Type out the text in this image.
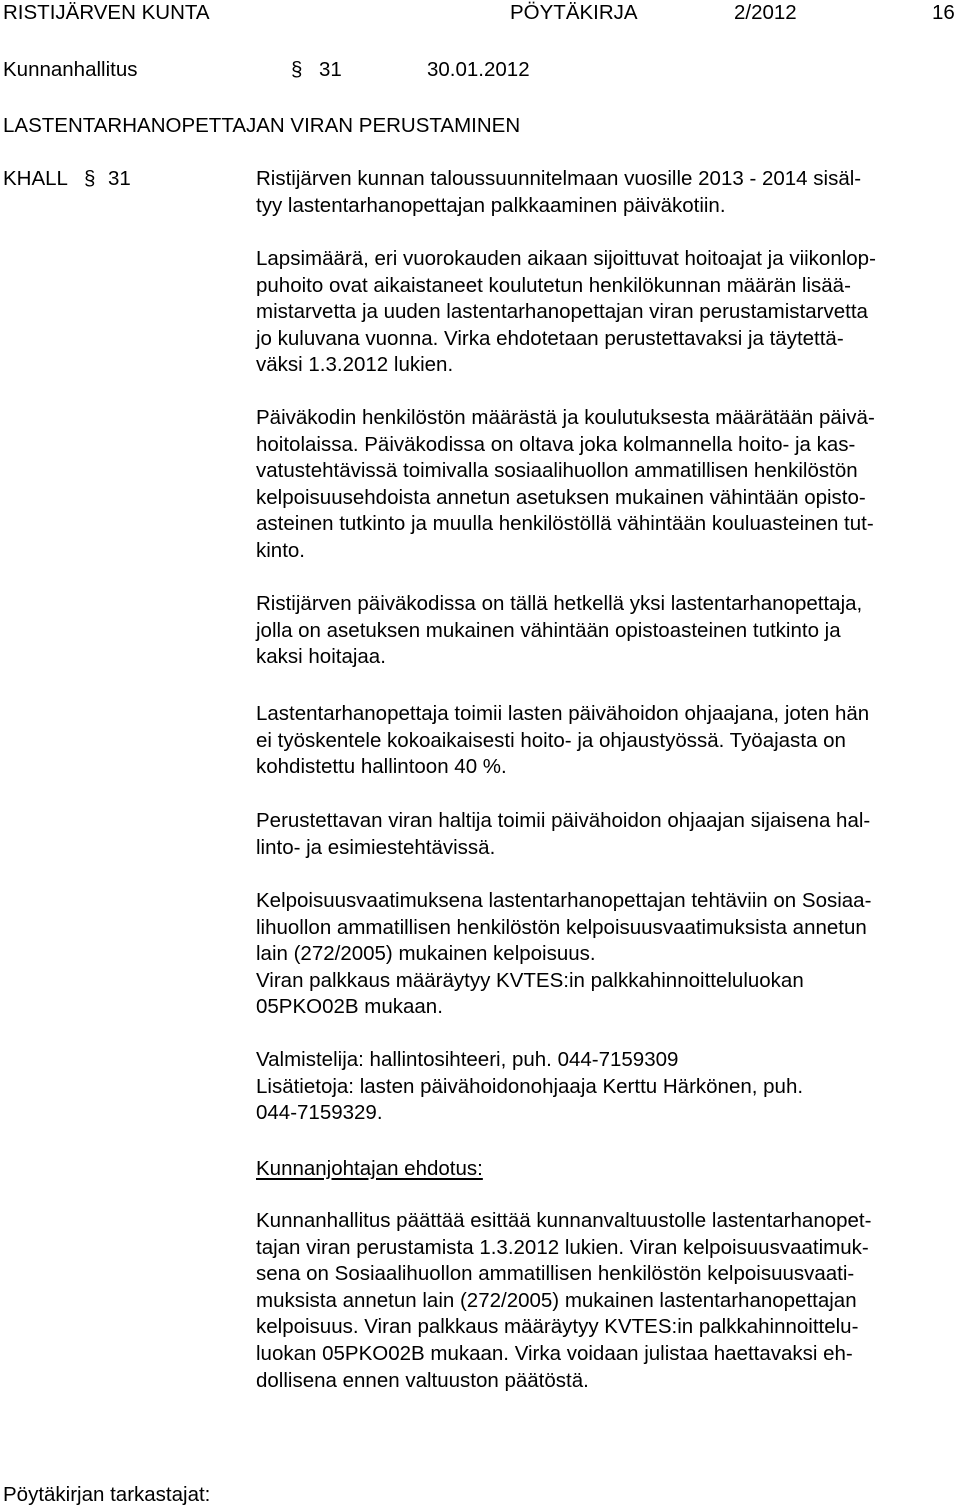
RISTIJÄRVEN KUNTA	PÖYTÄKIRJA	2/2012	16
Kunnanhallitus	§ 31	30.01.2012
LASTENTARHANOPETTAJAN VIRAN PERUSTAMINEN
KHALL § 31	Ristijärven kunnan taloussuunnitelmaan vuosille 2013 - 2014 sisäl-
tyy lastentarhanopettajan palkkaaminen päiväkotiin.
Lapsimäärä, eri vuorokauden aikaan sijoittuvat hoitoajat ja viikonlop-
puhoito ovat aikaistaneet koulutetun henkilökunnan määrän lisää-
mistarvetta ja uuden lastentarhanopettajan viran perustamistarvetta
jo kuluvana vuonna. Virka ehdotetaan perustettavaksi ja täytettä-
väksi 1.3.2012 lukien.
Päiväkodin henkilöstön määrästä ja koulutuksesta määrätään päivä-
hoitolaissa. Päiväkodissa on oltava joka kolmannella hoito- ja kas-
vatustehtävissä toimivalla sosiaalihuollon ammatillisen henkilöstön
kelpoisuusehdoista annetun asetuksen mukainen vähintään opisto-
asteinen tutkinto ja muulla henkilöstöllä vähintään kouluasteinen tut-
kinto.
Ristijärven päiväkodissa on tällä hetkellä yksi lastentarhanopettaja,
jolla on asetuksen mukainen vähintään opistoasteinen tutkinto ja
kaksi hoitajaa.
Lastentarhanopettaja toimii lasten päivähoidon ohjaajana, joten hän
ei työskentele kokoaikaisesti hoito- ja ohjaustyössä. Työajasta on
kohdistettu hallintoon 40 %.
Perustettavan viran haltija toimii päivähoidon ohjaajan sijaisena hal-
linto- ja esimiestehtävissä.
Kelpoisuusvaatimuksena lastentarhanopettajan tehtäviin on Sosiaa-
lihuollon ammatillisen henkilöstön kelpoisuusvaatimuksista annetun
lain (272/2005) mukainen kelpoisuus.
Viran palkkaus määräytyy KVTES:in palkkahinnoitteluluokan
05PKO02B mukaan.
Valmistelija: hallintosihteeri, puh. 044-7159309
Lisätietoja: lasten päivähoidonohjaaja Kerttu Härkönen, puh.
044-7159329.
Kunnanjohtajan ehdotus:
Kunnanhallitus päättää esittää kunnanvaltuustolle lastentarhanopet-
tajan viran perustamista 1.3.2012 lukien. Viran kelpoisuusvaatimuk-
sena on Sosiaalihuollon ammatillisen henkilöstön kelpoisuusvaati-
muksista annetun lain (272/2005) mukainen lastentarhanopettajan
kelpoisuus. Viran palkkaus määräytyy KVTES:in palkkahinnoittelu-
luokan 05PKO02B mukaan. Virka voidaan julistaa haettavaksi eh-
dollisena ennen valtuuston päätöstä.
Pöytäkirjan tarkastajat:
